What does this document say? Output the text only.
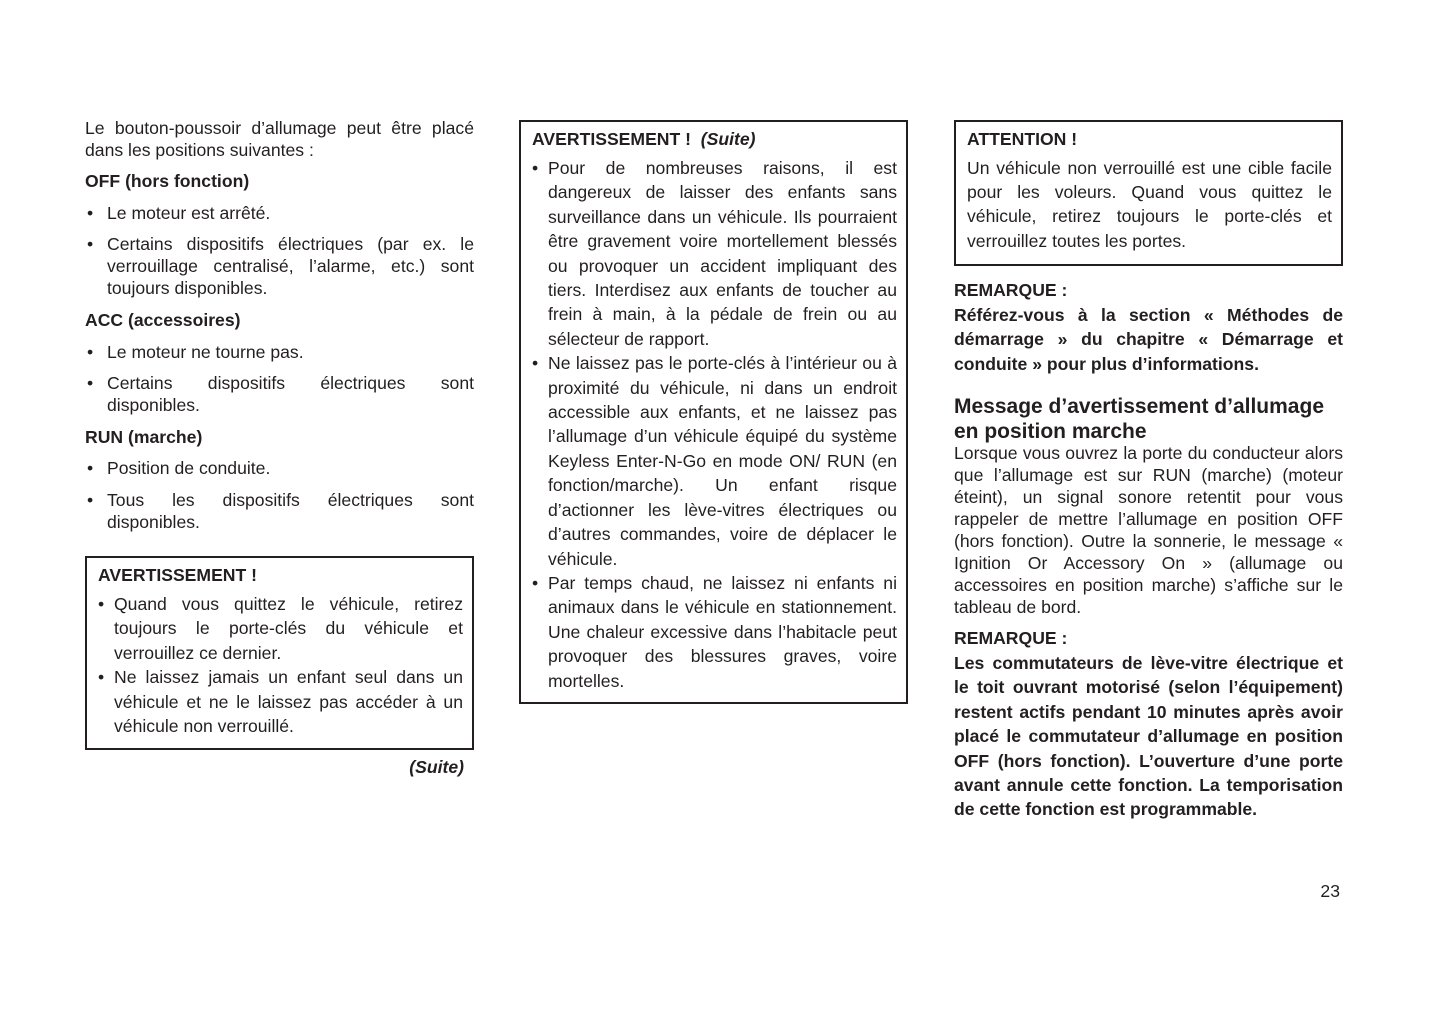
Le bouton-poussoir d’allumage peut être placé dans les positions suivantes :

OFF (hors fonction)

• Le moteur est arrêté.
• Certains dispositifs électriques (par ex. le verrouillage centralisé, l’alarme, etc.) sont toujours disponibles.

ACC (accessoires)

• Le moteur ne tourne pas.
• Certains dispositifs électriques sont disponibles.

RUN (marche)

• Position de conduite.
• Tous les dispositifs électriques sont disponibles.

AVERTISSEMENT !

• Quand vous quittez le véhicule, retirez toujours le porte-clés du véhicule et verrouillez ce dernier.
• Ne laissez jamais un enfant seul dans un véhicule et ne le laissez pas accéder à un véhicule non verrouillé.

(Suite)

AVERTISSEMENT ! (Suite)

• Pour de nombreuses raisons, il est dangereux de laisser des enfants sans surveillance dans un véhicule. Ils pourraient être gravement voire mortellement blessés ou provoquer un accident impliquant des tiers. Interdisez aux enfants de toucher au frein à main, à la pédale de frein ou au sélecteur de rapport.
• Ne laissez pas le porte-clés à l’intérieur ou à proximité du véhicule, ni dans un endroit accessible aux enfants, et ne laissez pas l’allumage d’un véhicule équipé du système Keyless Enter-N-Go en mode ON/ RUN (en fonction/marche). Un enfant risque d’actionner les lève-vitres électriques ou d’autres commandes, voire de déplacer le véhicule.
• Par temps chaud, ne laissez ni enfants ni animaux dans le véhicule en stationnement. Une chaleur excessive dans l’habitacle peut provoquer des blessures graves, voire mortelles.

ATTENTION !

Un véhicule non verrouillé est une cible facile pour les voleurs. Quand vous quittez le véhicule, retirez toujours le porte-clés et verrouillez toutes les portes.

REMARQUE :

Référez-vous à la section « Méthodes de démarrage » du chapitre « Démarrage et conduite » pour plus d’informations.

Message d’avertissement d’allumage en position marche

Lorsque vous ouvrez la porte du conducteur alors que l’allumage est sur RUN (marche) (moteur éteint), un signal sonore retentit pour vous rappeler de mettre l’allumage en position OFF (hors fonction). Outre la sonnerie, le message « Ignition Or Accessory On » (allumage ou accessoires en position marche) s’affiche sur le tableau de bord.

REMARQUE :

Les commutateurs de lève-vitre électrique et le toit ouvrant motorisé (selon l’équipement) restent actifs pendant 10 minutes après avoir placé le commutateur d’allumage en position OFF (hors fonction). L’ouverture d’une porte avant annule cette fonction. La temporisation de cette fonction est programmable.

23
